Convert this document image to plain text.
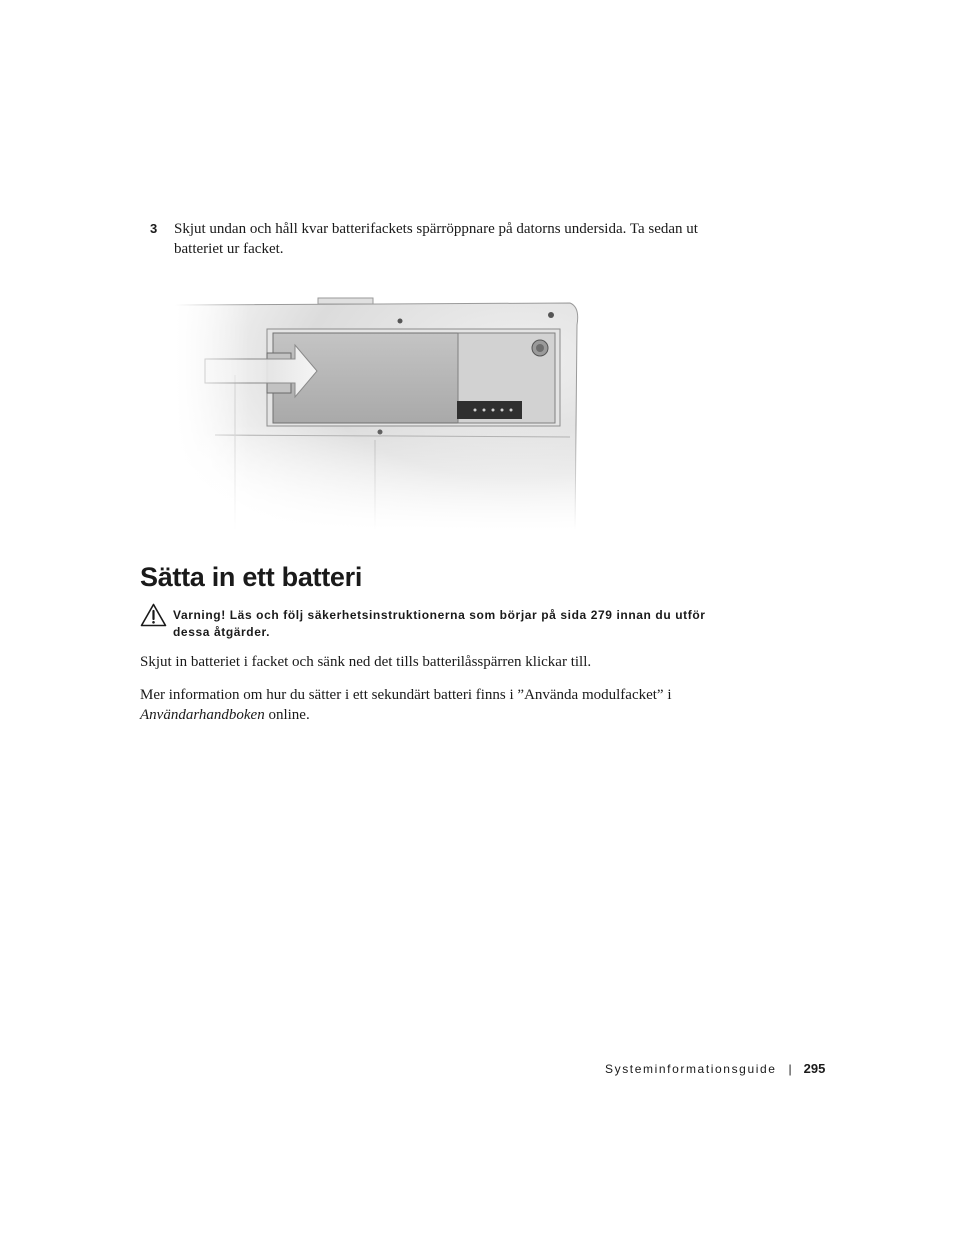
3 Skjut undan och håll kvar batterifackets spärröppnare på datorns undersida. Ta sedan ut batteriet ur facket.
Sätta in ett batteri
Varning! Läs och följ säkerhetsinstruktionerna som börjar på sida 279 innan du utför dessa åtgärder.

Skjut in batteriet i facket och sänk ned det tills batterilåsspärren klickar till.

Mer information om hur du sätter i ett sekundärt batteri finns i ”Använda modulfacket” i Användarhandboken online.

Systeminformationsguide | 295
